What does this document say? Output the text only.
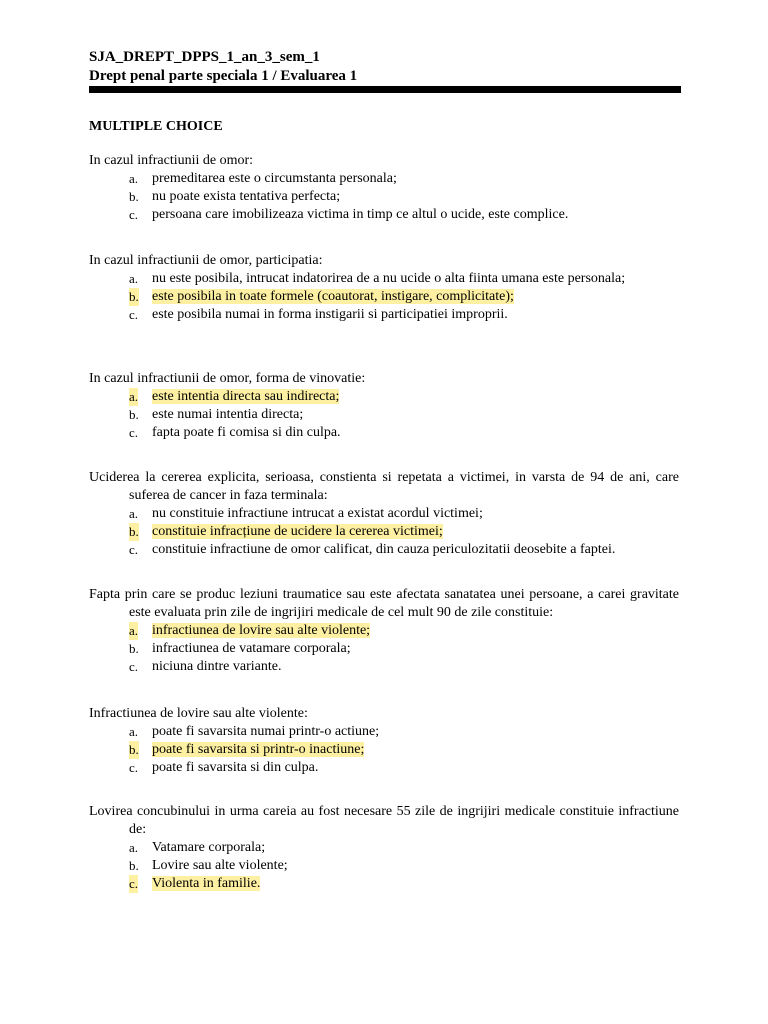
SJA_DREPT_DPPS_1_an_3_sem_1
Drept penal parte speciala 1 / Evaluarea 1
MULTIPLE CHOICE
In cazul infractiunii de omor:
a. premeditarea este o circumstanta personala;
b. nu poate exista tentativa perfecta;
c. persoana care imobilizeaza victima in timp ce altul o ucide, este complice.
In cazul infractiunii de omor, participatia:
a. nu este posibila, intrucat indatorirea de a nu ucide o alta fiinta umana este personala;
b. este posibila in toate formele (coautorat, instigare, complicitate);
c. este posibila numai in forma instigarii si participatiei improprii.
In cazul infractiunii de omor, forma de vinovatie:
a. este intentia directa sau indirecta;
b. este numai intentia directa;
c. fapta poate fi comisa si din culpa.
Uciderea la cererea explicita, serioasa, constienta si repetata a victimei, in varsta de 94 de ani, care suferea de cancer in faza terminala:
a. nu constituie infractiune intrucat a existat acordul victimei;
b. constituie infracțiune de ucidere la cererea victimei;
c. constituie infractiune de omor calificat, din cauza periculozitatii deosebite a faptei.
Fapta prin care se produc leziuni traumatice sau este afectata sanatatea unei persoane, a carei gravitate este evaluata prin zile de ingrijiri medicale de cel mult 90 de zile constituie:
a. infractiunea de lovire sau alte violente;
b. infractiunea de vatamare corporala;
c. niciuna dintre variante.
Infractiunea de lovire sau alte violente:
a. poate fi savarsita numai printr-o actiune;
b. poate fi savarsita si printr-o inactiune;
c. poate fi savarsita si din culpa.
Lovirea concubinului in urma careia au fost necesare 55 zile de ingrijiri medicale constituie infractiune de:
a. Vatamare corporala;
b. Lovire sau alte violente;
c. Violenta in familie.
